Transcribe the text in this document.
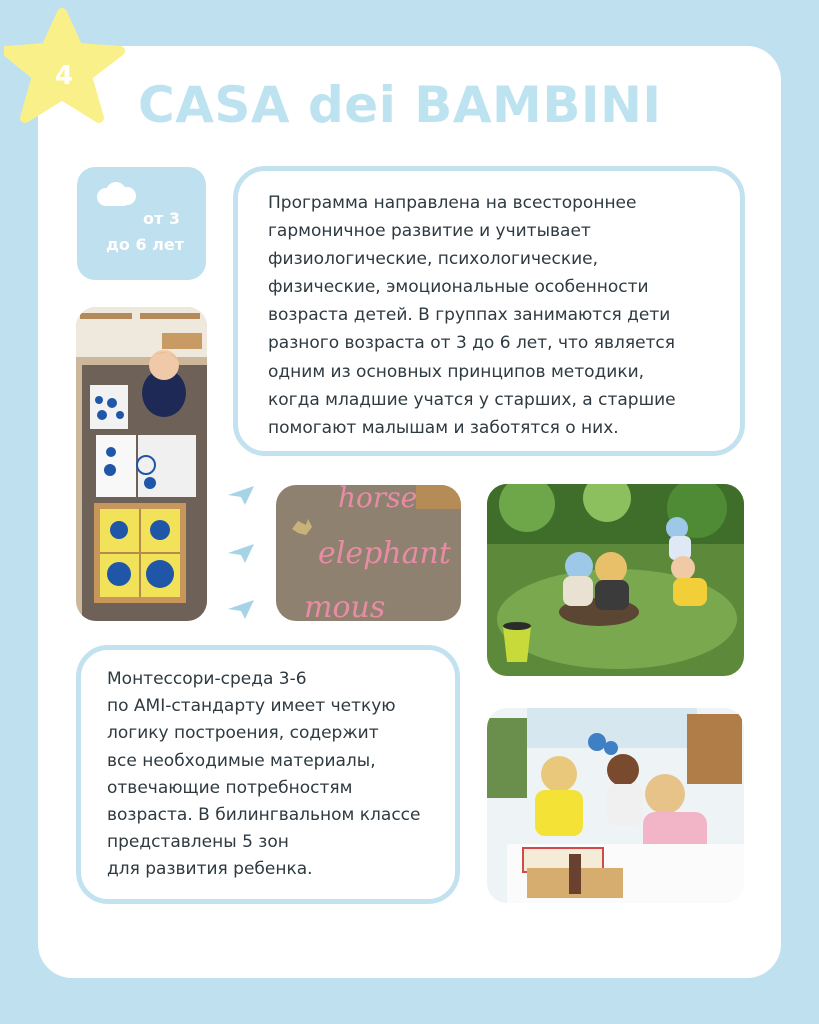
4 CASA dei BAMBINI
от 3
до 6 лет
Программа направлена на всестороннее
гармоничное развитие и учитывает
физиологические, психологические,
физические, эмоциональные особенности
возраста детей. В группах занимаются дети
разного возраста от 3 до 6 лет, что является
одним из основных принципов методики,
когда младшие учатся у старших, а старшие
помогают малышам и заботятся о них.
horse
elephant
mous
Монтессори-среда 3-6
по AMI-стандарту имеет четкую
логику построения, содержит
все необходимые материалы,
отвечающие потребностям
возраста. В билингвальном классе
представлены 5 зон
для развития ребенка.
